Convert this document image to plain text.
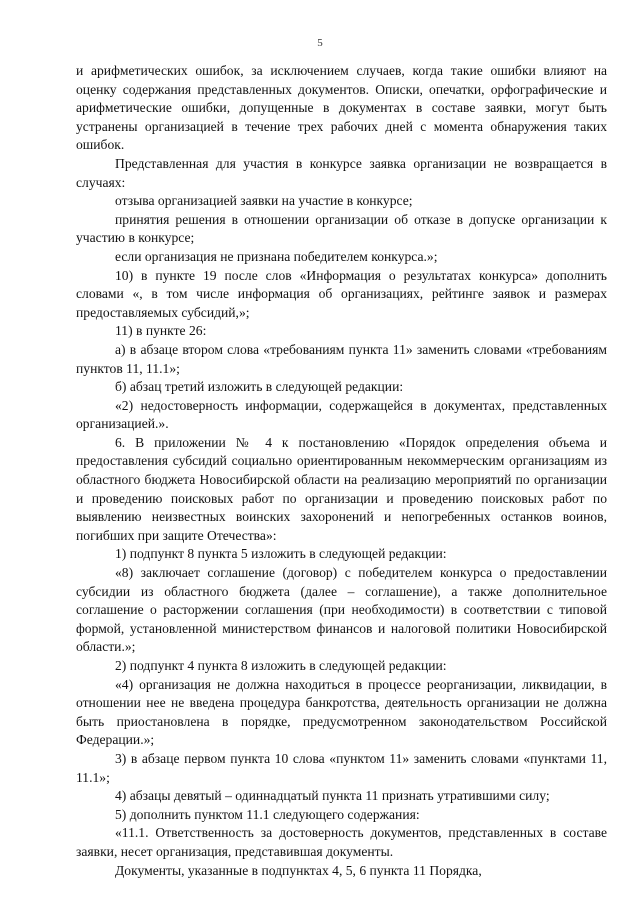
5

и арифметических ошибок, за исключением случаев, когда такие ошибки влияют на оценку содержания представленных документов. Описки, опечатки, орфографические и арифметические ошибки, допущенные в документах в составе заявки, могут быть устранены организацией в течение трех рабочих дней с момента обнаружения таких ошибок.

Представленная для участия в конкурсе заявка организации не возвращается в случаях:

отзыва организацией заявки на участие в конкурсе;

принятия решения в отношении организации об отказе в допуске организации к участию в конкурсе;

если организация не признана победителем конкурса.»;

10) в пункте 19 после слов «Информация о результатах конкурса» дополнить словами «, в том числе информация об организациях, рейтинге заявок и размерах предоставляемых субсидий,»;

11) в пункте 26:

а) в абзаце втором слова «требованиям пункта 11» заменить словами «требованиям пунктов 11, 11.1»;

б) абзац третий изложить в следующей редакции:

«2) недостоверность информации, содержащейся в документах, представленных организацией.».

6. В приложении № 4 к постановлению «Порядок определения объема и предоставления субсидий социально ориентированным некоммерческим организациям из областного бюджета Новосибирской области на реализацию мероприятий по организации и проведению поисковых работ по организации и проведению поисковых работ по выявлению неизвестных воинских захоронений и непогребенных останков воинов, погибших при защите Отечества»:

1) подпункт 8 пункта 5 изложить в следующей редакции:

«8) заключает соглашение (договор) с победителем конкурса о предоставлении субсидии из областного бюджета (далее – соглашение), а также дополнительное соглашение о расторжении соглашения (при необходимости) в соответствии с типовой формой, установленной министерством финансов и налоговой политики Новосибирской области.»;

2) подпункт 4 пункта 8 изложить в следующей редакции:

«4) организация не должна находиться в процессе реорганизации, ликвидации, в отношении нее не введена процедура банкротства, деятельность организации не должна быть приостановлена в порядке, предусмотренном законодательством Российской Федерации.»;

3) в абзаце первом пункта 10 слова «пунктом 11» заменить словами «пунктами 11, 11.1»;

4) абзацы девятый – одиннадцатый пункта 11 признать утратившими силу;

5) дополнить пунктом 11.1 следующего содержания:

«11.1. Ответственность за достоверность документов, представленных в составе заявки, несет организация, представившая документы.

Документы, указанные в подпунктах 4, 5, 6 пункта 11 Порядка,
